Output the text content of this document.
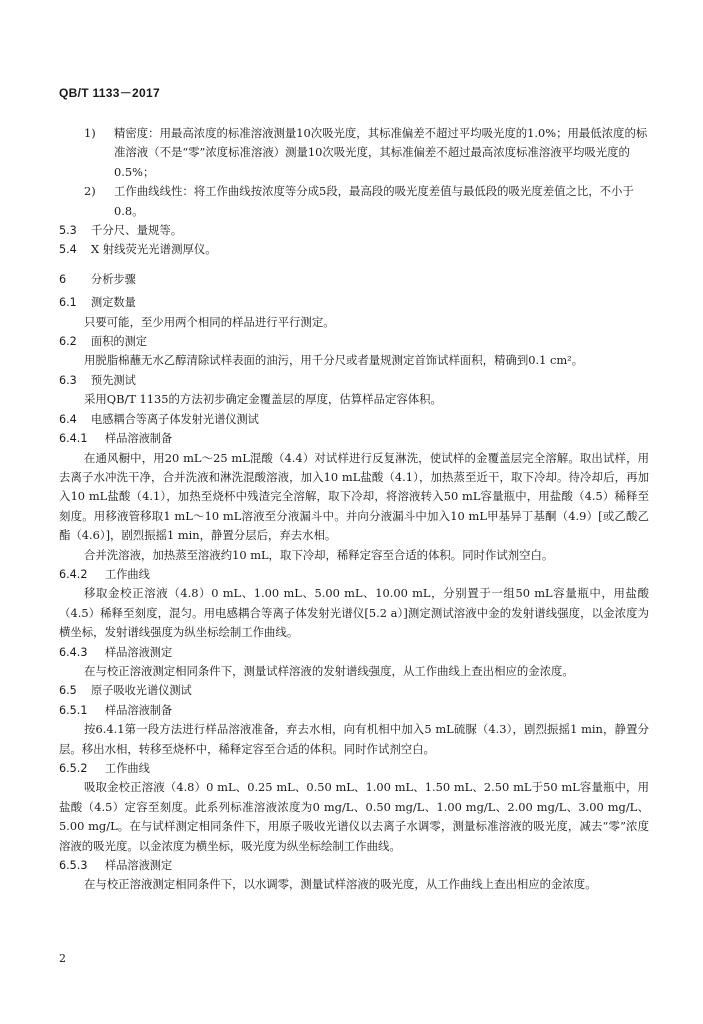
QB/T 1133－2017

1) 精密度：用最高浓度的标准溶液测量10次吸光度，其标准偏差不超过平均吸光度的1.0%；用最低浓度的标准溶液（不是“零”浓度标准溶液）测量10次吸光度，其标准偏差不超过最高浓度标准溶液平均吸光度的0.5%；

2) 工作曲线线性：将工作曲线按浓度等分成5段，最高段的吸光度差值与最低段的吸光度差值之比，不小于0.8。

5.3 千分尺、量规等。

5.4 X 射线荧光光谱测厚仪。

6 分析步骤

6.1 测定数量

只要可能，至少用两个相同的样品进行平行测定。

6.2 面积的测定

用脱脂棉蘸无水乙醇清除试样表面的油污，用千分尺或者量规测定首饰试样面积，精确到0.1 cm²。

6.3 预先测试

采用QB/T 1135的方法初步确定金覆盖层的厚度，估算样品定容体积。

6.4 电感耦合等离子体发射光谱仪测试

6.4.1 样品溶液制备

在通风橱中，用20 mL～25 mL混酸（4.4）对试样进行反复淋洗，使试样的金覆盖层完全溶解。取出试样，用去离子水冲洗干净，合并洗液和淋洗混酸溶液，加入10 mL盐酸（4.1），加热蒸至近干，取下冷却。待冷却后，再加入10 mL盐酸（4.1），加热至烧杯中残渣完全溶解，取下冷却，将溶液转入50 mL容量瓶中，用盐酸（4.5）稀释至刻度。用移液管移取1 mL～10 mL溶液至分液漏斗中。并向分液漏斗中加入10 mL甲基异丁基酮（4.9）[或乙酸乙酯（4.6）]，剧烈振摇1 min，静置分层后，弃去水相。

合并洗溶液，加热蒸至溶液约10 mL，取下冷却，稀释定容至合适的体积。同时作试剂空白。

6.4.2 工作曲线

移取金校正溶液（4.8）0 mL、1.00 mL、5.00 mL、10.00 mL，分别置于一组50 mL容量瓶中，用盐酸（4.5）稀释至刻度，混匀。用电感耦合等离子体发射光谱仪[5.2 a）]测定测试溶液中金的发射谱线强度，以金浓度为横坐标，发射谱线强度为纵坐标绘制工作曲线。

6.4.3 样品溶液测定

在与校正溶液测定相同条件下，测量试样溶液的发射谱线强度，从工作曲线上查出相应的金浓度。

6.5 原子吸收光谱仪测试

6.5.1 样品溶液制备

按6.4.1第一段方法进行样品溶液准备，弃去水相，向有机相中加入5 mL硫脲（4.3），剧烈振摇1 min，静置分层。移出水相，转移至烧杯中，稀释定容至合适的体积。同时作试剂空白。

6.5.2 工作曲线

吸取金校正溶液（4.8）0 mL、0.25 mL、0.50 mL、1.00 mL、1.50 mL、2.50 mL于50 mL容量瓶中，用盐酸（4.5）定容至刻度。此系列标准溶液浓度为0 mg/L、0.50 mg/L、1.00 mg/L、2.00 mg/L、3.00 mg/L、5.00 mg/L。在与试样测定相同条件下，用原子吸收光谱仪以去离子水调零，测量标准溶液的吸光度，减去“零”浓度溶液的吸光度。以金浓度为横坐标，吸光度为纵坐标绘制工作曲线。

6.5.3 样品溶液测定

在与校正溶液测定相同条件下，以水调零，测量试样溶液的吸光度，从工作曲线上查出相应的金浓度。

2
